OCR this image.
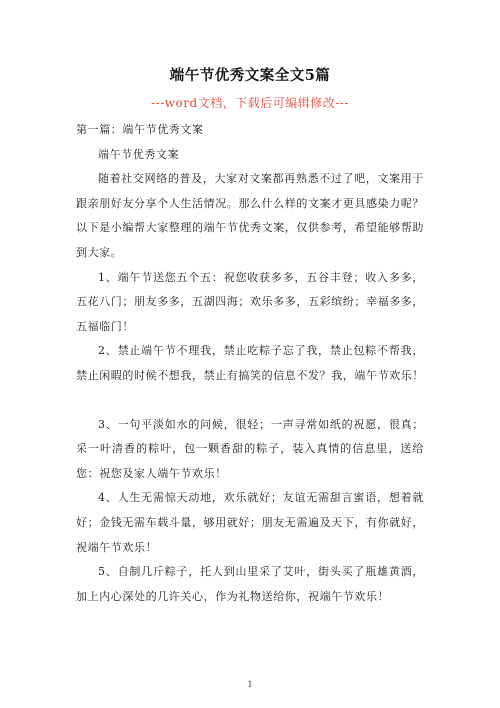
端午节优秀文案全文5篇
---word文档，下载后可编辑修改---

第一篇：端午节优秀文案

端午节优秀文案

随着社交网络的普及，大家对文案都再熟悉不过了吧，文案用于跟亲朋好友分享个人生活情况。那么什么样的文案才更具感染力呢？以下是小编帮大家整理的端午节优秀文案，仅供参考，希望能够帮助到大家。

1、端午节送您五个五：祝您收获多多，五谷丰登；收入多多，五花八门；朋友多多，五湖四海；欢乐多多，五彩缤纷；幸福多多，五福临门！

2、禁止端午节不理我，禁止吃粽子忘了我，禁止包粽不帮我，禁止闲暇的时候不想我，禁止有搞笑的信息不发？我，端午节欢乐！

3、一句平淡如水的问候，很轻；一声寻常如纸的祝愿，很真；采一叶清香的粽叶，包一颗香甜的粽子，装入真情的信息里，送给您：祝您及家人端午节欢乐！

4、人生无需惊天动地，欢乐就好；友谊无需甜言蜜语，想着就好；金钱无需车载斗量，够用就好；朋友无需遍及天下，有你就好，祝端午节欢乐！

5、自制几斤粽子，托人到山里采了艾叶，街头买了瓶雄黄酒，加上内心深处的几许关心，作为礼物送给你，祝端午节欢乐！

1
